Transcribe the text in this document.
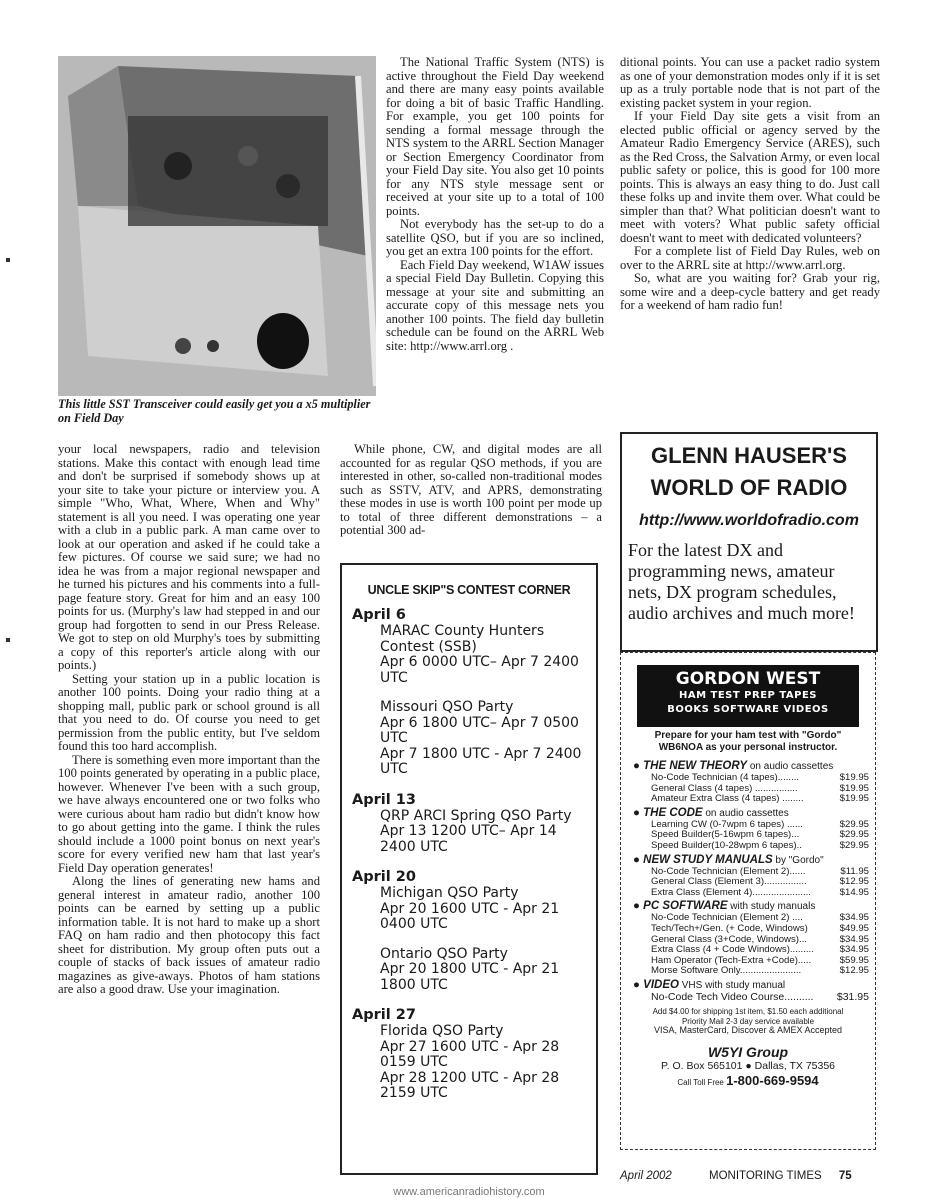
This little SST Transceiver could easily get you a x5 multiplier on Field Day

The National Traffic System (NTS) is active throughout the Field Day weekend and there are many easy points available for doing a bit of basic Traffic Handling. For example, you get 100 points for sending a formal message through the NTS system to the ARRL Section Manager or Section Emergency Coordinator from your Field Day site. You also get 10 points for any NTS style message sent or received at your site up to a total of 100 points.

Not everybody has the set-up to do a satellite QSO, but if you are so inclined, you get an extra 100 points for the effort.

Each Field Day weekend, W1AW issues a special Field Day Bulletin. Copying this message at your site and submitting an accurate copy of this message nets you another 100 points. The field day bulletin schedule can be found on the ARRL Web site: http://www.arrl.org .

While phone, CW, and digital modes are all accounted for as regular QSO methods, if you are interested in other, so-called non-traditional modes such as SSTV, ATV, and APRS, demonstrating these modes in use is worth 100 point per mode up to total of three different demonstrations – a potential 300 ad-

ditional points. You can use a packet radio system as one of your demonstration modes only if it is set up as a truly portable node that is not part of the existing packet system in your region.

If your Field Day site gets a visit from an elected public official or agency served by the Amateur Radio Emergency Service (ARES), such as the Red Cross, the Salvation Army, or even local public safety or police, this is good for 100 more points. This is always an easy thing to do. Just call these folks up and invite them over. What could be simpler than that? What politician doesn't want to meet with voters? What public safety official doesn't want to meet with dedicated volunteers?

For a complete list of Field Day Rules, web on over to the ARRL site at http://www.arrl.org.

So, what are you waiting for? Grab your rig, some wire and a deep-cycle battery and get ready for a weekend of ham radio fun!

your local newspapers, radio and television stations. Make this contact with enough lead time and don't be surprised if somebody shows up at your site to take your picture or interview you. A simple "Who, What, Where, When and Why" statement is all you need. I was operating one year with a club in a public park. A man came over to look at our operation and asked if he could take a few pictures. Of course we said sure; we had no idea he was from a major regional newspaper and he turned his pictures and his comments into a full-page feature story. Great for him and an easy 100 points for us. (Murphy's law had stepped in and our group had forgotten to send in our Press Release. We got to step on old Murphy's toes by submitting a copy of this reporter's article along with our points.)

Setting your station up in a public location is another 100 points. Doing your radio thing at a shopping mall, public park or school ground is all that you need to do. Of course you need to get permission from the public entity, but I've seldom found this too hard accomplish.

There is something even more important than the 100 points generated by operating in a public place, however. Whenever I've been with a such group, we have always encountered one or two folks who were curious about ham radio but didn't know how to go about getting into the game. I think the rules should include a 1000 point bonus on next year's score for every verified new ham that last year's Field Day operation generates!

Along the lines of generating new hams and general interest in amateur radio, another 100 points can be earned by setting up a public information table. It is not hard to make up a short FAQ on ham radio and then photocopy this fact sheet for distribution. My group often puts out a couple of stacks of back issues of amateur radio magazines as give-aways. Photos of ham stations are also a good draw. Use your imagination.

GLENN HAUSER'S
WORLD OF RADIO
http://www.worldofradio.com
For the latest DX and programming news, amateur nets, DX program schedules, audio archives and much more!
UNCLE SKIP"S CONTEST CORNER
April 6
MARAC County Hunters Contest (SSB)
Apr 6 0000 UTC– Apr 7 2400 UTC
Missouri QSO Party
Apr 6 1800 UTC– Apr 7 0500 UTC
Apr 7 1800 UTC - Apr 7 2400 UTC
April 13
QRP ARCI Spring QSO Party
Apr 13 1200 UTC– Apr 14 2400 UTC
April 20
Michigan QSO Party
Apr 20 1600 UTC - Apr 21 0400 UTC
Ontario QSO Party
Apr 20 1800 UTC - Apr 21 1800 UTC
April 27
Florida QSO Party
Apr 27 1600 UTC - Apr 28 0159 UTC
Apr 28 1200 UTC - Apr 28 2159 UTC
GORDON WEST
HAM TEST PREP TAPES
BOOKS SOFTWARE VIDEOS
Prepare for your ham test with "Gordo"
WB6NOA as your personal instructor.
● THE NEW THEORY on audio cassettes
No-Code Technician (4 tapes)........	$19.95
General Class (4 tapes) ................	$19.95
Amateur Extra Class (4 tapes) ........	$19.95
● THE CODE on audio cassettes
Learning CW (0-7wpm 6 tapes) ......	$29.95
Speed Builder(5-16wpm 6 tapes)...	$29.95
Speed Builder(10-28wpm 6 tapes)..	$29.95
● NEW STUDY MANUALS by "Gordo"
No-Code Technician (Element 2)......	$11.95
General Class (Element 3)................	$12.95
Extra Class (Element 4)......................	$14.95
● PC SOFTWARE with study manuals
No-Code Technician (Element 2) ....	$34.95
Tech/Tech+/Gen. (+ Code, Windows)	$49.95
General Class (3+Code, Windows)...	$34.95
Extra Class (4 + Code Windows).........	$34.95
Ham Operator (Tech-Extra +Code).....	$59.95
Morse Software Only.......................	$12.95
● VIDEO VHS with study manual
No-Code Tech Video Course.......... $31.95
Add $4.00 for shipping 1st item, $1.50 each additional
Priority Mail 2-3 day service available
VISA, MasterCard, Discover & AMEX Accepted
W5YI Group
P. O. Box 565101 ● Dallas, TX 75356
Call Toll Free 1-800-669-9594
April 2002	MONITORING TIMES 75
www.americanradiohistory.com
